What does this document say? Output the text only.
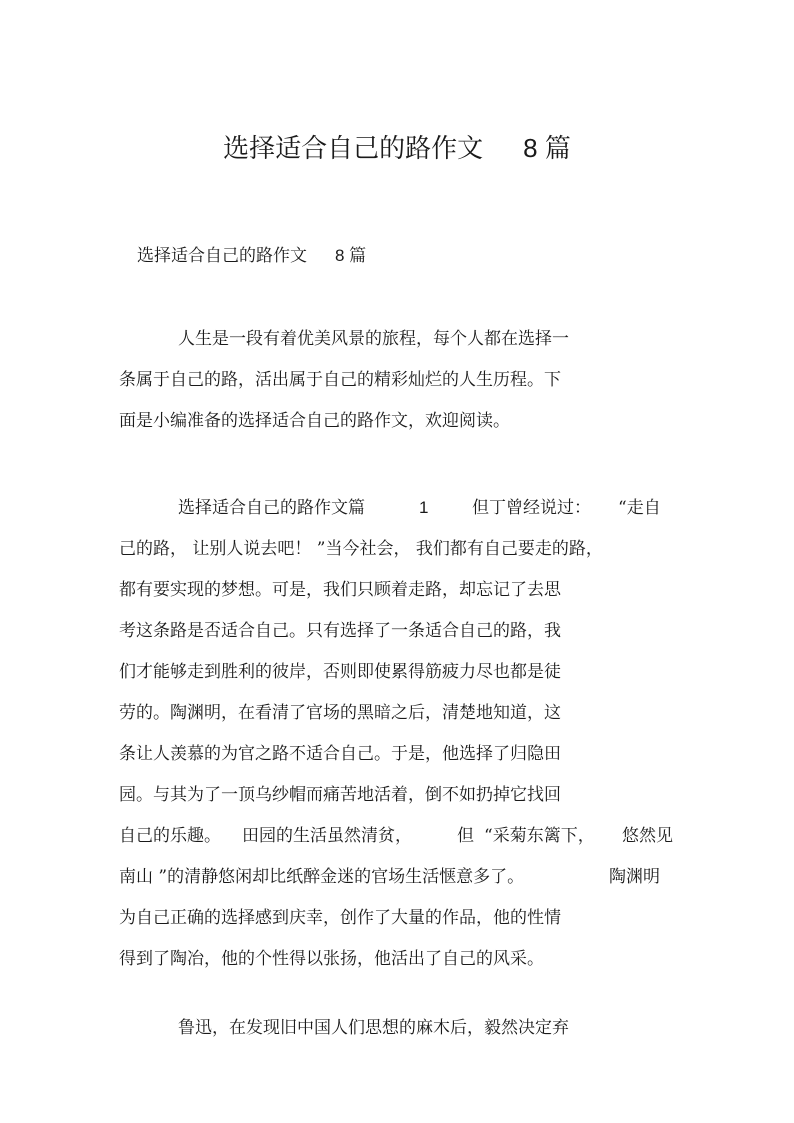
选择适合自己的路作文 8 篇
选择适合自己的路作文 8 篇
人生是一段有着优美风景的旅程，每个人都在选择一
条属于自己的路，活出属于自己的精彩灿烂的人生历程。下
面是小编准备的选择适合自己的路作文，欢迎阅读。
选择适合自己的路作文篇	1	但丁曾经说过： “走自
己的路， 让别人说去吧！ ”当今社会， 我们都有自己要走的路，
都有要实现的梦想。可是，我们只顾着走路，却忘记了去思
考这条路是否适合自己。只有选择了一条适合自己的路，我
们才能够走到胜利的彼岸，否则即使累得筋疲力尽也都是徒
劳的。陶渊明，在看清了官场的黑暗之后，清楚地知道，这
条让人羡慕的为官之路不适合自己。于是，他选择了归隐田
园。与其为了一顶乌纱帽而痛苦地活着，倒不如扔掉它找回
自己的乐趣。 田园的生活虽然清贫，	但 “采菊东篱下， 悠然见
南山 ”的清静悠闲却比纸醉金迷的官场生活惬意多了。	陶渊明
为自己正确的选择感到庆幸，创作了大量的作品，他的性情
得到了陶冶，他的个性得以张扬，他活出了自己的风采。
鲁迅，在发现旧中国人们思想的麻木后，毅然决定弃
